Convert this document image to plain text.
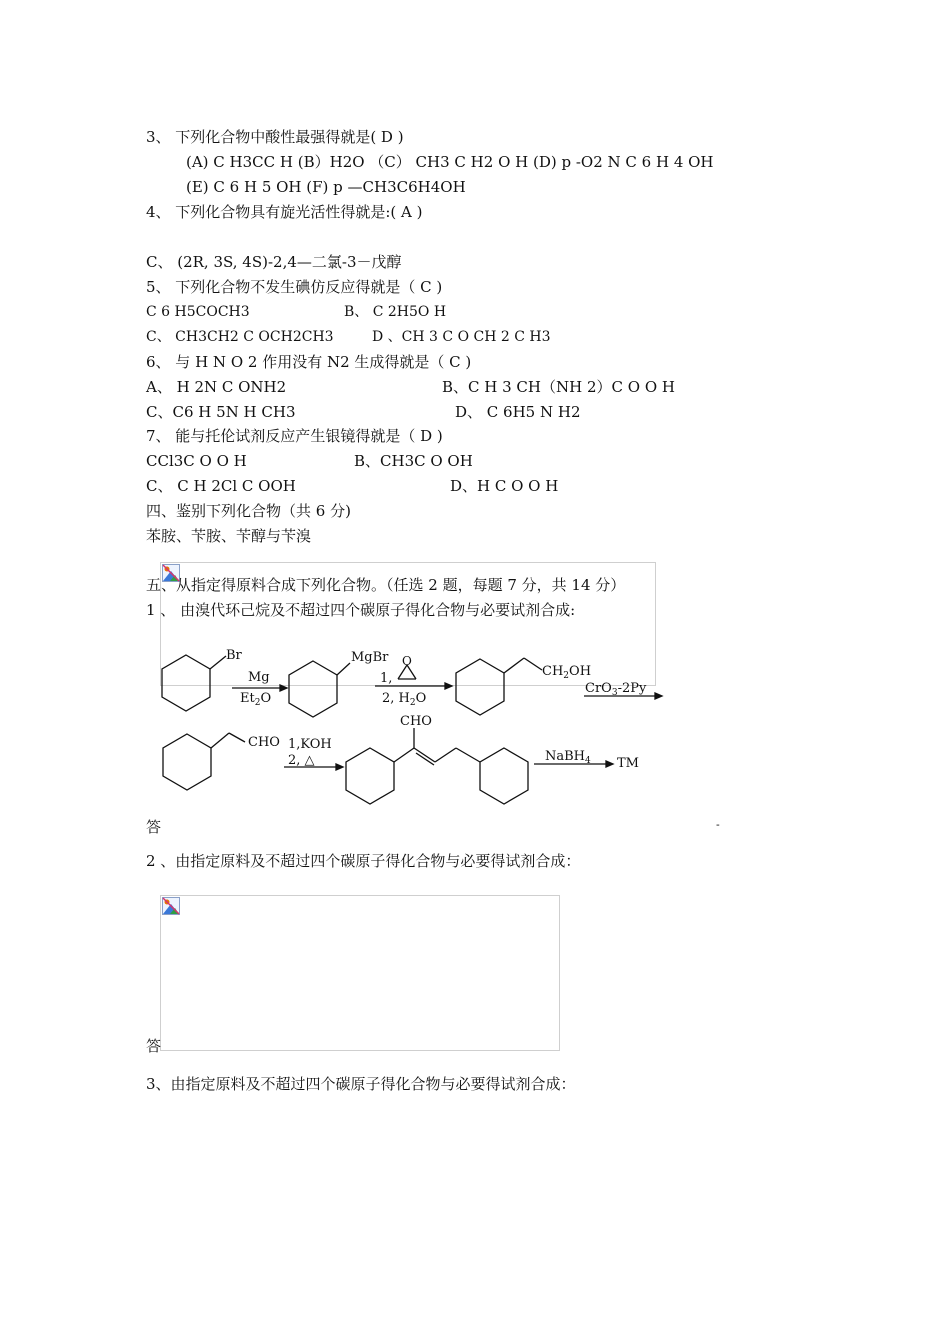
3、 下列化合物中酸性最强得就是( D )
(A) C H3CC H (B）H2O （C） CH3 C H2 O H (D) p -O2 N C 6 H 4 OH
(E) C 6 H 5 OH (F) p —CH3C6H4OH
4、 下列化合物具有旋光活性得就是:( A )
C、 (2R, 3S, 4S)-2,4—二氯-3－戊醇
5、 下列化合物不发生碘仿反应得就是（ C )
C 6 H5COCH3	B、 C 2H5O H
C、 CH3CH2 C OCH2CH3	D 、CH 3 C O CH 2 C H3
6、 与 H N O 2 作用没有 N2 生成得就是（ C )
A、 H 2N C ONH2	B、C H 3 CH（NH 2）C O O H
C、C6 H 5N H CH3	D、 C 6H5 N H2
7、 能与托伦试剂反应产生银镜得就是（ D )
CCl3C O O H	B、CH3C O OH
C、 C H 2Cl C OOH	D、H C O O H
四、鉴别下列化合物（共 6 分)
苯胺、苄胺、苄醇与苄溴
五、从指定得原料合成下列化合物。（任选 2 题，每题 7 分，共 14 分）
1 、 由溴代环己烷及不超过四个碳原子得化合物与必要试剂合成:
Br
Mg
$Et_2O$
MgBr
1,
O
2, $H_2O$
$CH_2OH$
CrO$_3$-2Py
CHO 1,KOH
2, △
CHO
NaBH$_4$ TM
答	-
2 、由指定原料及不超过四个碳原子得化合物与必要得试剂合成：
答
3、由指定原料及不超过四个碳原子得化合物与必要得试剂合成：
